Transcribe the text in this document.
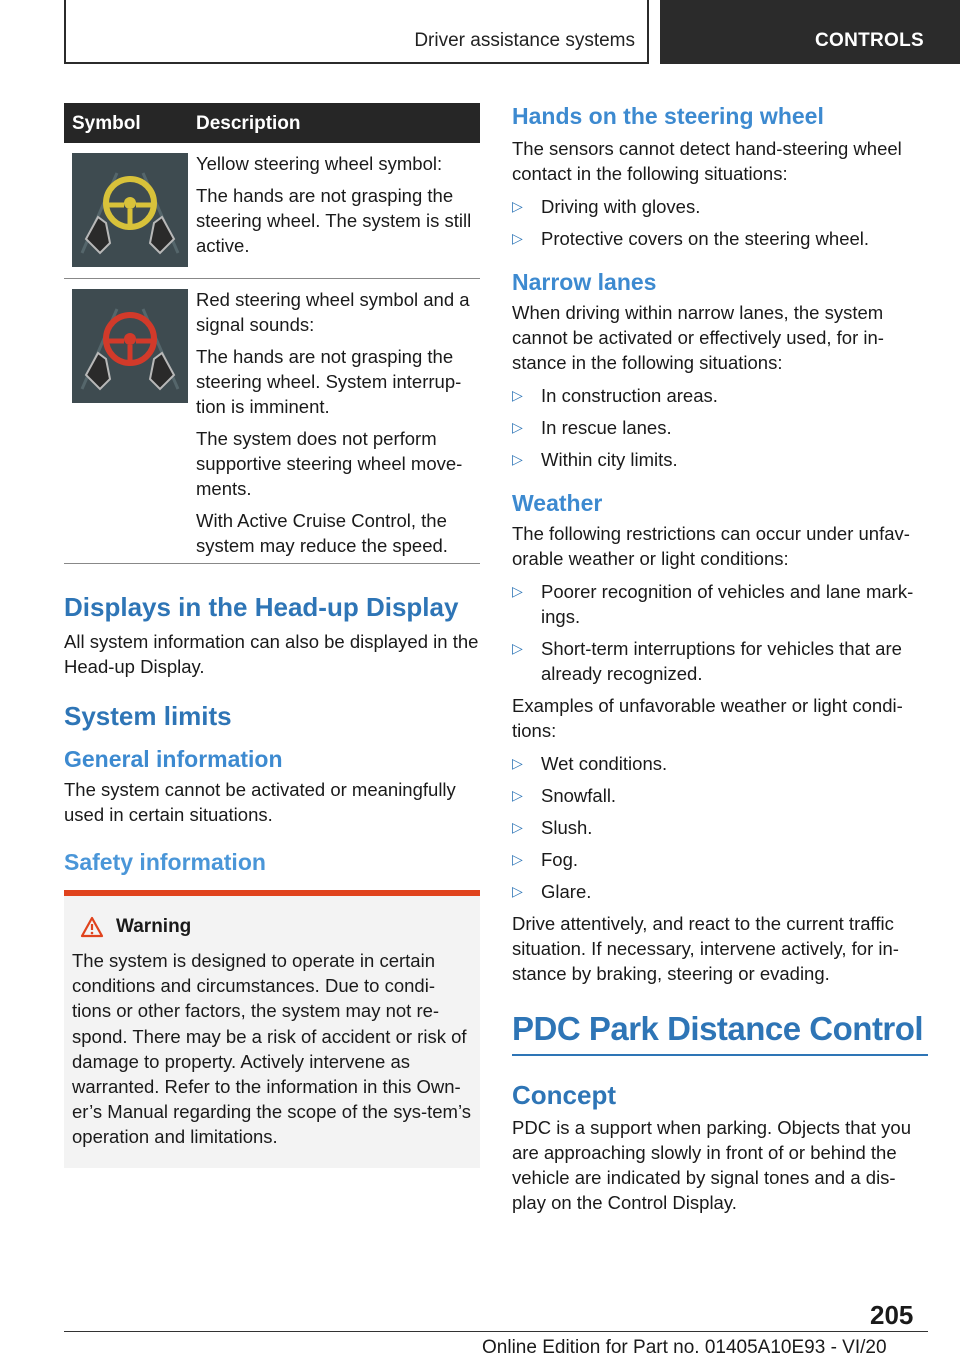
Driver assistance systems	CONTROLS
Symbol	Description

Yellow steering wheel symbol:

The hands are not grasping the steering wheel. The system is still active.

Red steering wheel symbol and a signal sounds:

The hands are not grasping the steering wheel. System interrup-tion is imminent.

The system does not perform supportive steering wheel move-ments.

With Active Cruise Control, the system may reduce the speed.

Displays in the Head-up Display

All system information can also be displayed in the Head-up Display.

System limits
General information

The system cannot be activated or meaningfully used in certain situations.

Safety information
Warning

The system is designed to operate in certain conditions and circumstances. Due to condi-tions or other factors, the system may not re-spond. There may be a risk of accident or risk of damage to property. Actively intervene as warranted. Refer to the information in this Own-er’s Manual regarding the scope of the sys-tem’s operation and limitations.

Hands on the steering wheel

The sensors cannot detect hand-steering wheel contact in the following situations:

▷ Driving with gloves.
▷ Protective covers on the steering wheel.
Narrow lanes

When driving within narrow lanes, the system cannot be activated or effectively used, for in-stance in the following situations:

▷ In construction areas.
▷ In rescue lanes.
▷ Within city limits.
Weather

The following restrictions can occur under unfav-orable weather or light conditions:

▷ Poorer recognition of vehicles and lane mark-ings.
▷ Short-term interruptions for vehicles that are already recognized.

Examples of unfavorable weather or light condi-tions:

▷ Wet conditions.
▷ Snowfall.
▷ Slush.
▷ Fog.
▷ Glare.

Drive attentively, and react to the current traffic situation. If necessary, intervene actively, for in-stance by braking, steering or evading.

PDC Park Distance Control
Concept

PDC is a support when parking. Objects that you are approaching slowly in front of or behind the vehicle are indicated by signal tones and a dis-play on the Control Display.

205
Online Edition for Part no. 01405A10E93 - VI/20
